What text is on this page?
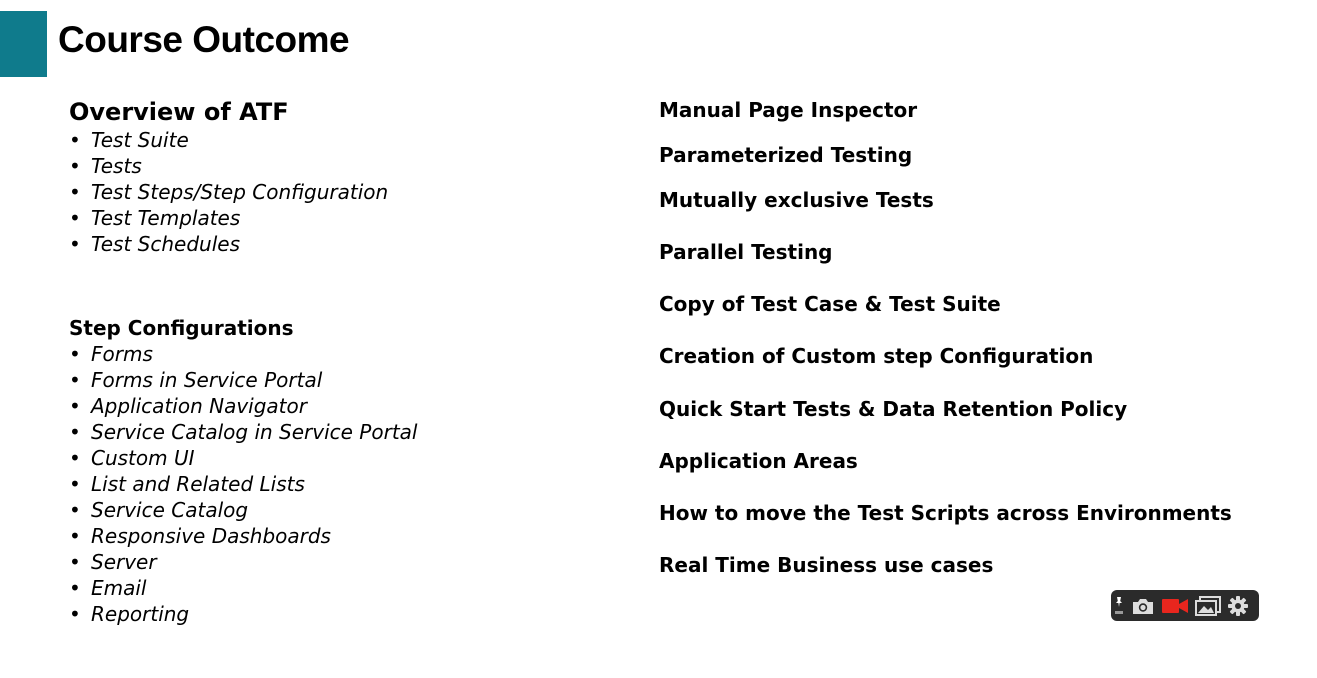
Course Outcome
Overview of ATF
• Test Suite
• Tests
• Test Steps/Step Configuration
• Test Templates
• Test Schedules
Step Configurations
• Forms
• Forms in Service Portal
• Application Navigator
• Service Catalog in Service Portal
• Custom UI
• List and Related Lists
• Service Catalog
• Responsive Dashboards
• Server
• Email
• Reporting

Manual Page Inspector

Parameterized Testing

Mutually exclusive Tests

Parallel Testing

Copy of Test Case & Test Suite

Creation of Custom step Configuration

Quick Start Tests & Data Retention Policy

Application Areas

How to move the Test Scripts across Environments

Real Time Business use cases
